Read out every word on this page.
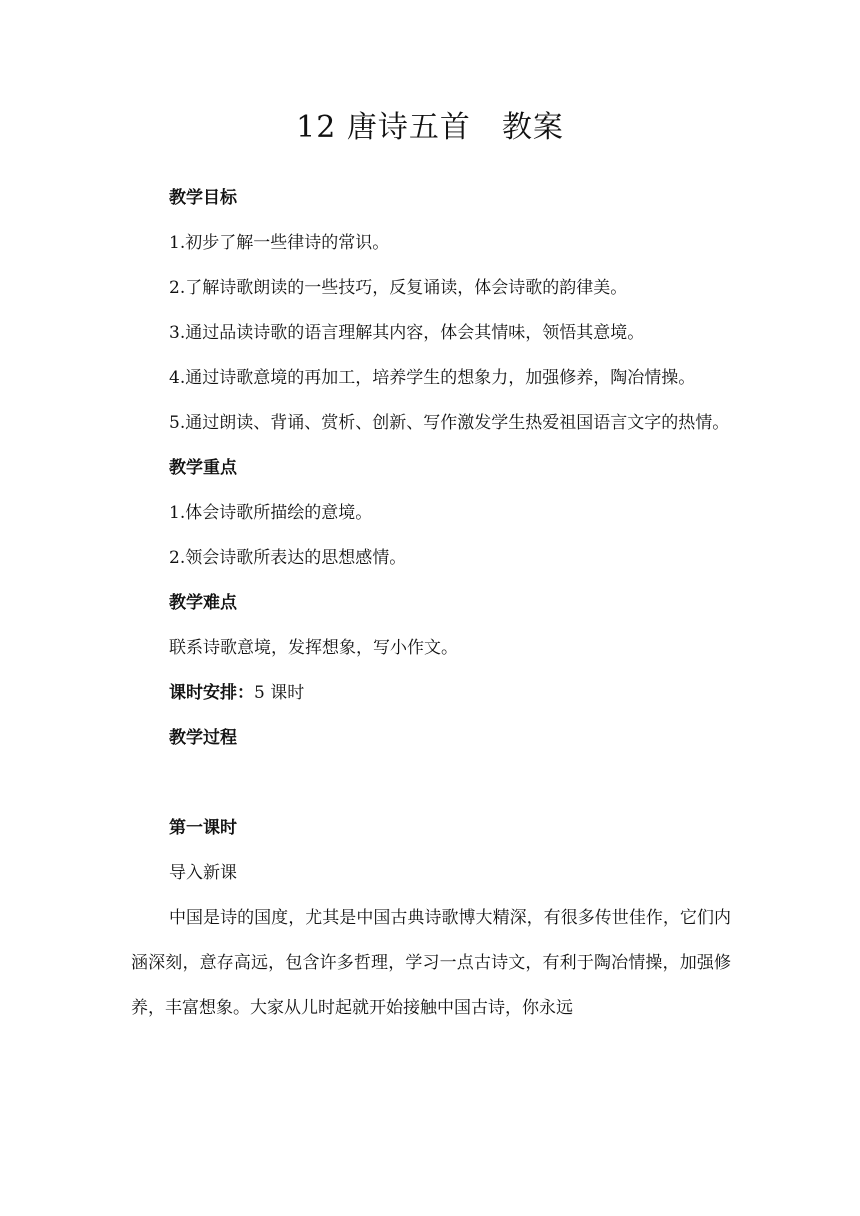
12 唐诗五首　教案

教学目标

1.初步了解一些律诗的常识。

2.了解诗歌朗读的一些技巧，反复诵读，体会诗歌的韵律美。

3.通过品读诗歌的语言理解其内容，体会其情味，领悟其意境。

4.通过诗歌意境的再加工，培养学生的想象力，加强修养，陶冶情操。

5.通过朗读、背诵、赏析、创新、写作激发学生热爱祖国语言文字的热情。

教学重点

1.体会诗歌所描绘的意境。

2.领会诗歌所表达的思想感情。

教学难点

联系诗歌意境，发挥想象，写小作文。

课时安排：5 课时

教学过程

第一课时

导入新课

中国是诗的国度，尤其是中国古典诗歌博大精深，有很多传世佳作，它们内涵深刻，意存高远，包含许多哲理，学习一点古诗文，有利于陶冶情操，加强修养，丰富想象。大家从儿时起就开始接触中国古诗，你永远
